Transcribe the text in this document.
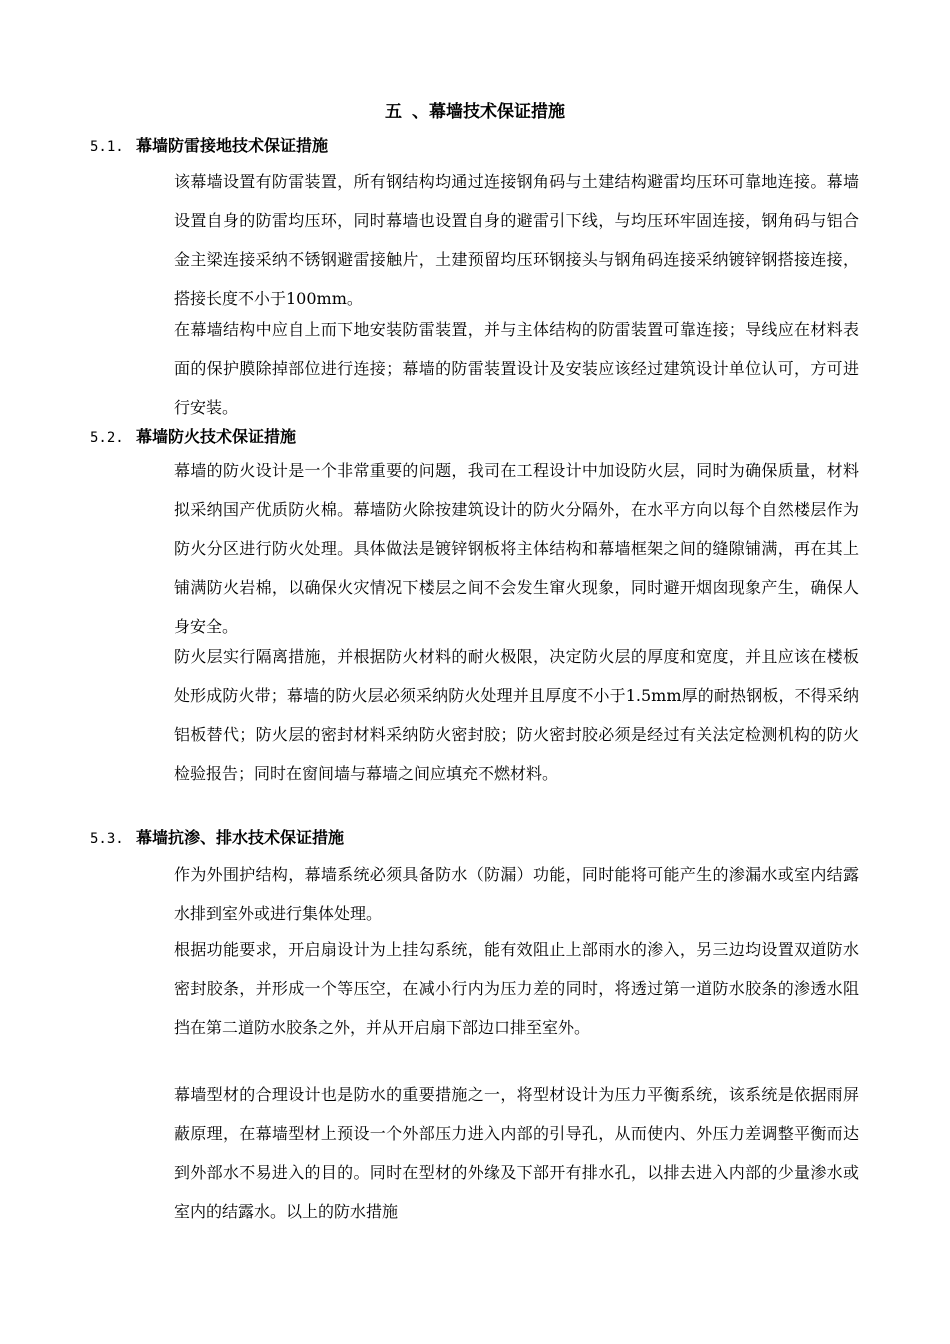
五 、幕墙技术保证措施
5.1. 幕墙防雷接地技术保证措施

该幕墙设置有防雷装置，所有钢结构均通过连接钢角码与土建结构避雷均压环可靠地连接。幕墙设置自身的防雷均压环，同时幕墙也设置自身的避雷引下线，与均压环牢固连接，钢角码与铝合金主梁连接采纳不锈钢避雷接触片，土建预留均压环钢接头与钢角码连接采纳镀锌钢搭接连接，搭接长度不小于100mm。

在幕墙结构中应自上而下地安装防雷装置，并与主体结构的防雷装置可靠连接；导线应在材料表面的保护膜除掉部位进行连接；幕墙的防雷装置设计及安装应该经过建筑设计单位认可，方可进行安装。

5.2. 幕墙防火技术保证措施

幕墙的防火设计是一个非常重要的问题，我司在工程设计中加设防火层，同时为确保质量，材料拟采纳国产优质防火棉。幕墙防火除按建筑设计的防火分隔外，在水平方向以每个自然楼层作为防火分区进行防火处理。具体做法是镀锌钢板将主体结构和幕墙框架之间的缝隙铺满，再在其上铺满防火岩棉，以确保火灾情况下楼层之间不会发生窜火现象，同时避开烟囱现象产生，确保人身安全。

防火层实行隔离措施，并根据防火材料的耐火极限，决定防火层的厚度和宽度，并且应该在楼板处形成防火带；幕墙的防火层必须采纳防火处理并且厚度不小于1.5mm厚的耐热钢板，不得采纳铝板替代；防火层的密封材料采纳防火密封胶；防火密封胶必须是经过有关法定检测机构的防火检验报告；同时在窗间墙与幕墙之间应填充不燃材料。

5.3. 幕墙抗渗、排水技术保证措施

作为外围护结构，幕墙系统必须具备防水（防漏）功能，同时能将可能产生的渗漏水或室内结露水排到室外或进行集体处理。

根据功能要求，开启扇设计为上挂勾系统，能有效阻止上部雨水的渗入，另三边均设置双道防水密封胶条，并形成一个等压空，在减小行内为压力差的同时，将透过第一道防水胶条的渗透水阻挡在第二道防水胶条之外，并从开启扇下部边口排至室外。

幕墙型材的合理设计也是防水的重要措施之一，将型材设计为压力平衡系统，该系统是依据雨屏蔽原理，在幕墙型材上预设一个外部压力进入内部的引导孔，从而使内、外压力差调整平衡而达到外部水不易进入的目的。同时在型材的外缘及下部开有排水孔，以排去进入内部的少量渗水或室内的结露水。以上的防水措施
